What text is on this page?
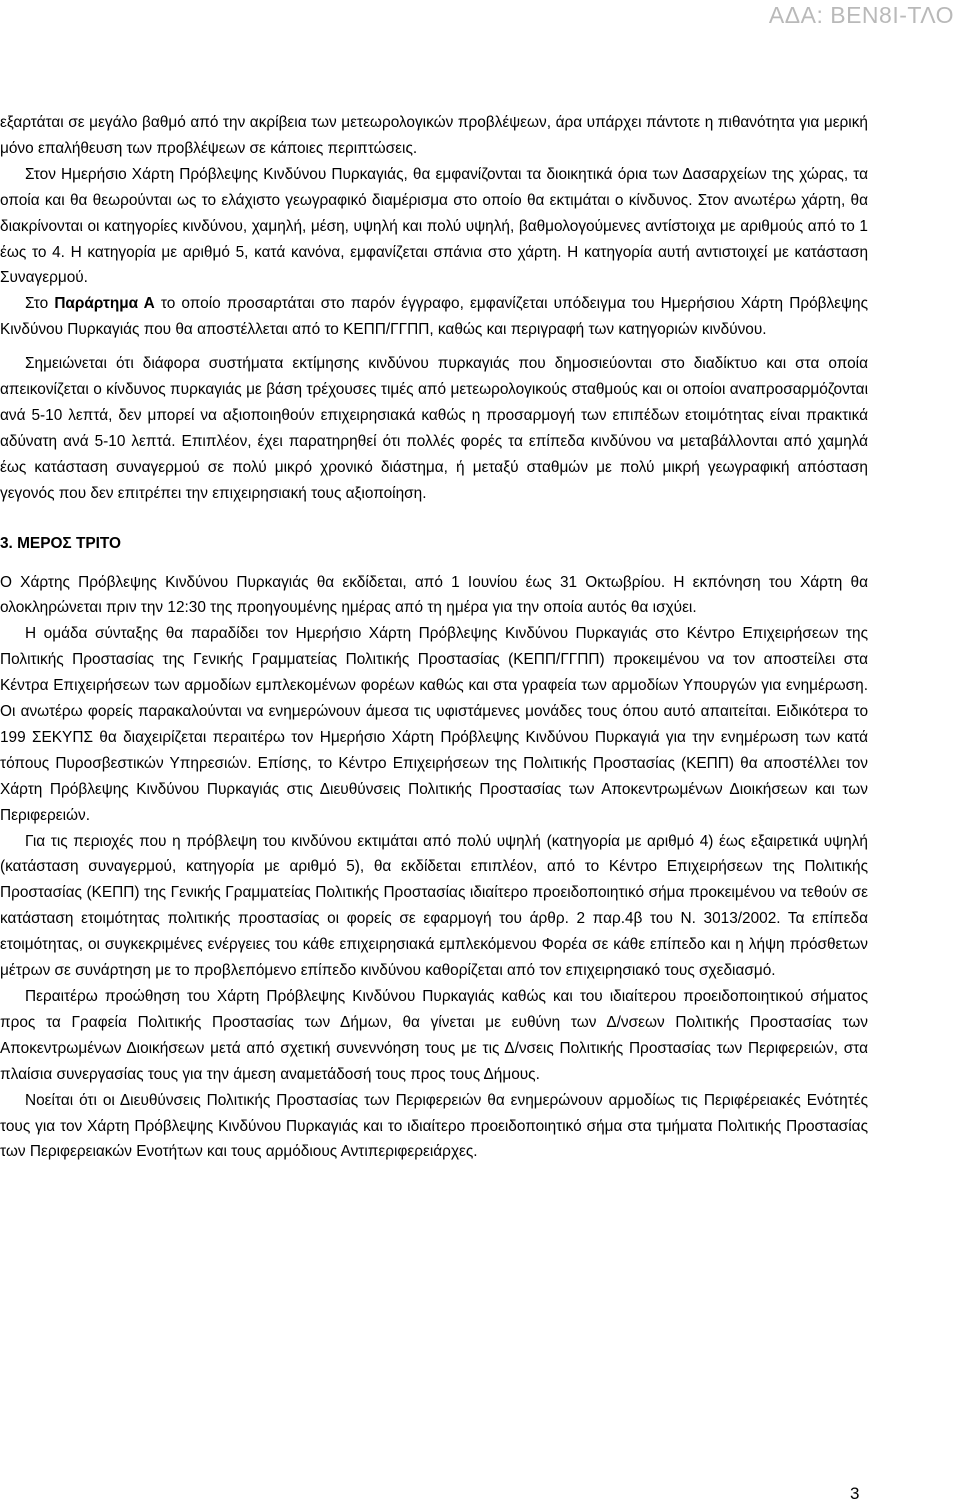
ΑΔΑ: ΒΕΝ8Ι-ΤΛΟ

εξαρτάται σε μεγάλο βαθμό από την ακρίβεια των μετεωρολογικών προβλέψεων, άρα υπάρχει πάντοτε η πιθανότητα για μερική μόνο επαλήθευση των προβλέψεων σε κάποιες περιπτώσεις.

Στον Ημερήσιο Χάρτη Πρόβλεψης Κινδύνου Πυρκαγιάς, θα εμφανίζονται τα διοικητικά όρια των Δασαρχείων της χώρας, τα οποία και θα θεωρούνται ως το ελάχιστο γεωγραφικό διαμέρισμα στο οποίο θα εκτιμάται ο κίνδυνος. Στον ανωτέρω χάρτη, θα διακρίνονται οι κατηγορίες κινδύνου, χαμηλή, μέση, υψηλή και πολύ υψηλή, βαθμολογούμενες αντίστοιχα με αριθμούς από το 1 έως το 4. Η κατηγορία με αριθμό 5, κατά κανόνα, εμφανίζεται σπάνια στο χάρτη. Η κατηγορία αυτή αντιστοιχεί με κατάσταση Συναγερμού.

Στο Παράρτημα Α το οποίο προσαρτάται στο παρόν έγγραφο, εμφανίζεται υπόδειγμα του Ημερήσιου Χάρτη Πρόβλεψης Κινδύνου Πυρκαγιάς που θα αποστέλλεται από το ΚΕΠΠ/ΓΓΠΠ, καθώς και περιγραφή των κατηγοριών κινδύνου.

Σημειώνεται ότι διάφορα συστήματα εκτίμησης κινδύνου πυρκαγιάς που δημοσιεύονται στο διαδίκτυο και στα οποία απεικονίζεται ο κίνδυνος πυρκαγιάς με βάση τρέχουσες τιμές από μετεωρολογικούς σταθμούς και οι οποίοι αναπροσαρμόζονται ανά 5-10 λεπτά, δεν μπορεί να αξιοποιηθούν επιχειρησιακά καθώς η προσαρμογή των επιπέδων ετοιμότητας είναι πρακτικά αδύνατη ανά 5-10 λεπτά. Επιπλέον, έχει παρατηρηθεί ότι πολλές φορές τα επίπεδα κινδύνου να μεταβάλλονται από χαμηλά έως κατάσταση συναγερμού σε πολύ μικρό χρονικό διάστημα, ή μεταξύ σταθμών με πολύ μικρή γεωγραφική απόσταση γεγονός που δεν επιτρέπει την επιχειρησιακή τους αξιοποίηση.

3. ΜΕΡΟΣ ΤΡΙΤΟ

Ο Χάρτης Πρόβλεψης Κινδύνου Πυρκαγιάς θα εκδίδεται, από 1 Ιουνίου έως 31 Οκτωβρίου. Η εκπόνηση του Χάρτη θα ολοκληρώνεται πριν την 12:30 της προηγουμένης ημέρας από τη ημέρα για την οποία αυτός θα ισχύει.

Η ομάδα σύνταξης θα παραδίδει τον Ημερήσιο Χάρτη Πρόβλεψης Κινδύνου Πυρκαγιάς στο Κέντρο Επιχειρήσεων της Πολιτικής Προστασίας της Γενικής Γραμματείας Πολιτικής Προστασίας (ΚΕΠΠ/ΓΓΠΠ) προκειμένου να τον αποστείλει στα Κέντρα Επιχειρήσεων των αρμοδίων εμπλεκομένων φορέων καθώς και στα γραφεία των αρμοδίων Υπουργών για ενημέρωση. Οι ανωτέρω φορείς παρακαλούνται να ενημερώνουν άμεσα τις υφιστάμενες μονάδες τους όπου αυτό απαιτείται. Ειδικότερα το 199 ΣΕΚΥΠΣ θα διαχειρίζεται περαιτέρω τον Ημερήσιο Χάρτη Πρόβλεψης Κινδύνου Πυρκαγιά για την ενημέρωση των κατά τόπους Πυροσβεστικών Υπηρεσιών. Επίσης, το Κέντρο Επιχειρήσεων της Πολιτικής Προστασίας (ΚΕΠΠ) θα αποστέλλει τον Χάρτη Πρόβλεψης Κινδύνου Πυρκαγιάς στις Διευθύνσεις Πολιτικής Προστασίας των Αποκεντρωμένων Διοικήσεων και των Περιφερειών.

Για τις περιοχές που η πρόβλεψη του κινδύνου εκτιμάται από πολύ υψηλή (κατηγορία με αριθμό 4) έως εξαιρετικά υψηλή (κατάσταση συναγερμού, κατηγορία με αριθμό 5), θα εκδίδεται επιπλέον, από το Κέντρο Επιχειρήσεων της Πολιτικής Προστασίας (ΚΕΠΠ) της Γενικής Γραμματείας Πολιτικής Προστασίας ιδιαίτερο προειδοποιητικό σήμα προκειμένου να τεθούν σε κατάσταση ετοιμότητας πολιτικής προστασίας οι φορείς σε εφαρμογή του άρθρ. 2 παρ.4β του Ν. 3013/2002. Τα επίπεδα ετοιμότητας, οι συγκεκριμένες ενέργειες του κάθε επιχειρησιακά εμπλεκόμενου Φορέα σε κάθε επίπεδο και η λήψη πρόσθετων μέτρων σε συνάρτηση με το προβλεπόμενο επίπεδο κινδύνου καθορίζεται από τον επιχειρησιακό τους σχεδιασμό.

Περαιτέρω προώθηση του Χάρτη Πρόβλεψης Κινδύνου Πυρκαγιάς καθώς και του ιδιαίτερου προειδοποιητικού σήματος προς τα Γραφεία Πολιτικής Προστασίας των Δήμων, θα γίνεται με ευθύνη των Δ/νσεων Πολιτικής Προστασίας των Αποκεντρωμένων Διοικήσεων μετά από σχετική συνεννόηση τους με τις Δ/νσεις Πολιτικής Προστασίας των Περιφερειών, στα πλαίσια συνεργασίας τους για την άμεση αναμετάδοσή τους προς τους Δήμους.

Νοείται ότι οι Διευθύνσεις Πολιτικής Προστασίας των Περιφερειών θα ενημερώνουν αρμοδίως τις Περιφέρειακές Ενότητές τους για τον Χάρτη Πρόβλεψης Κινδύνου Πυρκαγιάς και το ιδιαίτερο προειδοποιητικό σήμα στα τμήματα Πολιτικής Προστασίας των Περιφερειακών Ενοτήτων και τους αρμόδιους Αντιπεριφερειάρχες.

3
